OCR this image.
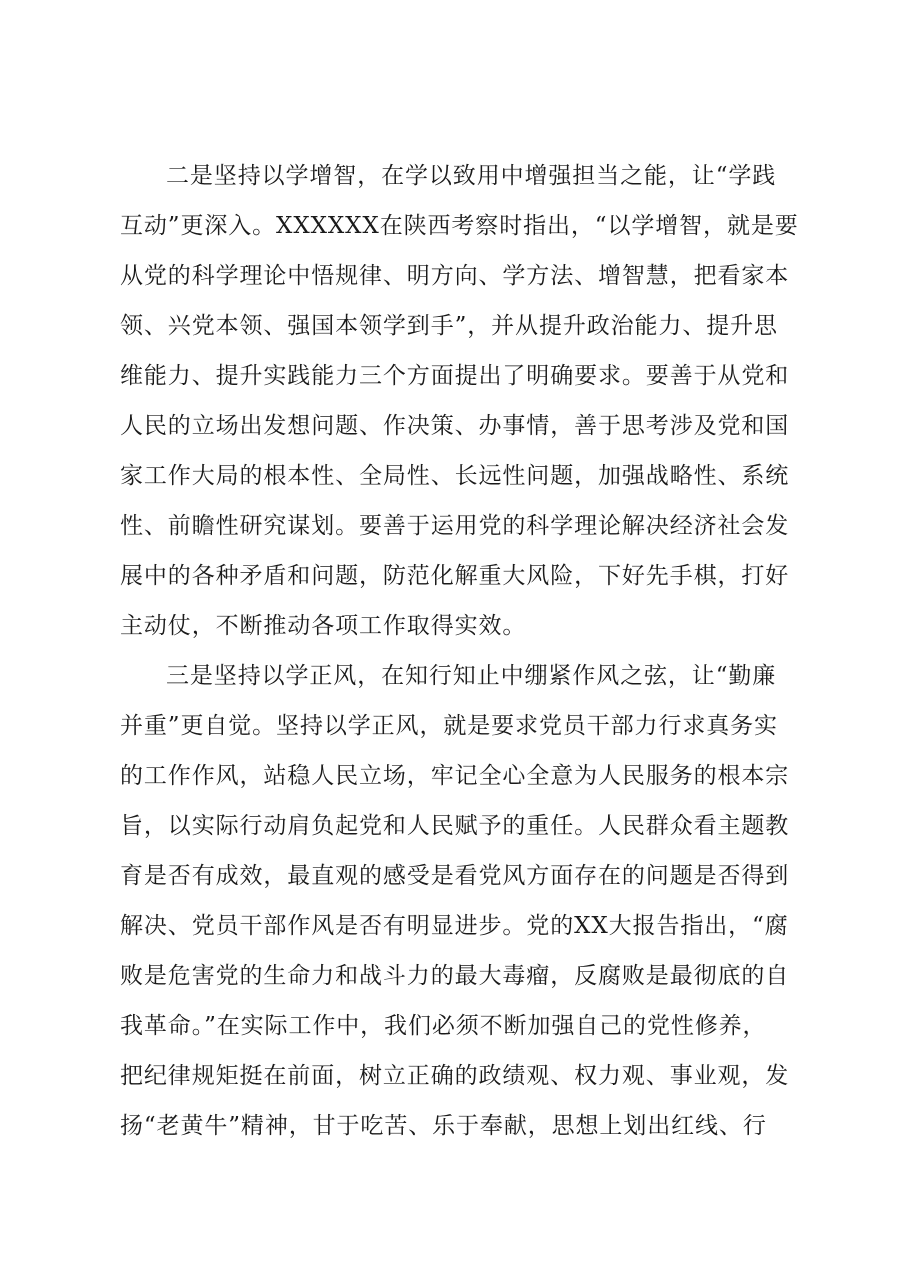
二是坚持以学增智，在学以致用中增强担当之能，让“学践
互动”更深入。XXXXXX在陕西考察时指出，“以学增智，就是要
从党的科学理论中悟规律、明方向、学方法、增智慧，把看家本
领、兴党本领、强国本领学到手”，并从提升政治能力、提升思
维能力、提升实践能力三个方面提出了明确要求。要善于从党和
人民的立场出发想问题、作决策、办事情，善于思考涉及党和国
家工作大局的根本性、全局性、长远性问题，加强战略性、系统
性、前瞻性研究谋划。要善于运用党的科学理论解决经济社会发
展中的各种矛盾和问题，防范化解重大风险，下好先手棋，打好
主动仗，不断推动各项工作取得实效。
三是坚持以学正风，在知行知止中绷紧作风之弦，让“勤廉
并重”更自觉。坚持以学正风，就是要求党员干部力行求真务实
的工作作风，站稳人民立场，牢记全心全意为人民服务的根本宗
旨，以实际行动肩负起党和人民赋予的重任。人民群众看主题教
育是否有成效，最直观的感受是看党风方面存在的问题是否得到
解决、党员干部作风是否有明显进步。党的XX大报告指出，“腐
败是危害党的生命力和战斗力的最大毒瘤，反腐败是最彻底的自
我革命。”在实际工作中，我们必须不断加强自己的党性修养，
把纪律规矩挺在前面，树立正确的政绩观、权力观、事业观，发
扬“老黄牛”精神，甘于吃苦、乐于奉献，思想上划出红线、行
